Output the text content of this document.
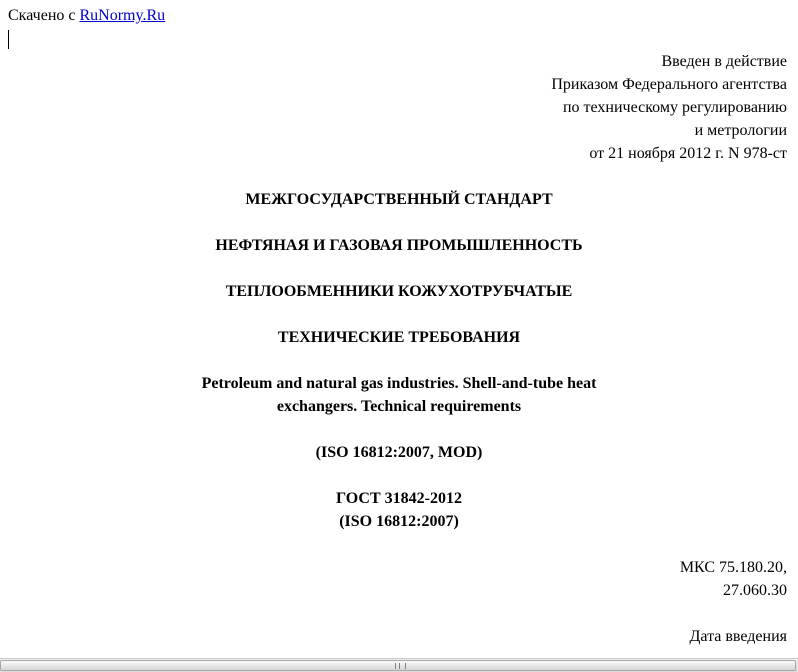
Скачено с RuNormy.Ru
Введен в действие
Приказом Федерального агентства
по техническому регулированию
и метрологии
от 21 ноября 2012 г. N 978-ст
МЕЖГОСУДАРСТВЕННЫЙ СТАНДАРТ
НЕФТЯНАЯ И ГАЗОВАЯ ПРОМЫШЛЕННОСТЬ
ТЕПЛООБМЕННИКИ КОЖУХОТРУБЧАТЫЕ
ТЕХНИЧЕСКИЕ ТРЕБОВАНИЯ
Petroleum and natural gas industries. Shell-and-tube heat
exchangers. Technical requirements
(ISO 16812:2007, MOD)
ГОСТ 31842-2012
(ISO 16812:2007)
МКС 75.180.20,
27.060.30
Дата введения
